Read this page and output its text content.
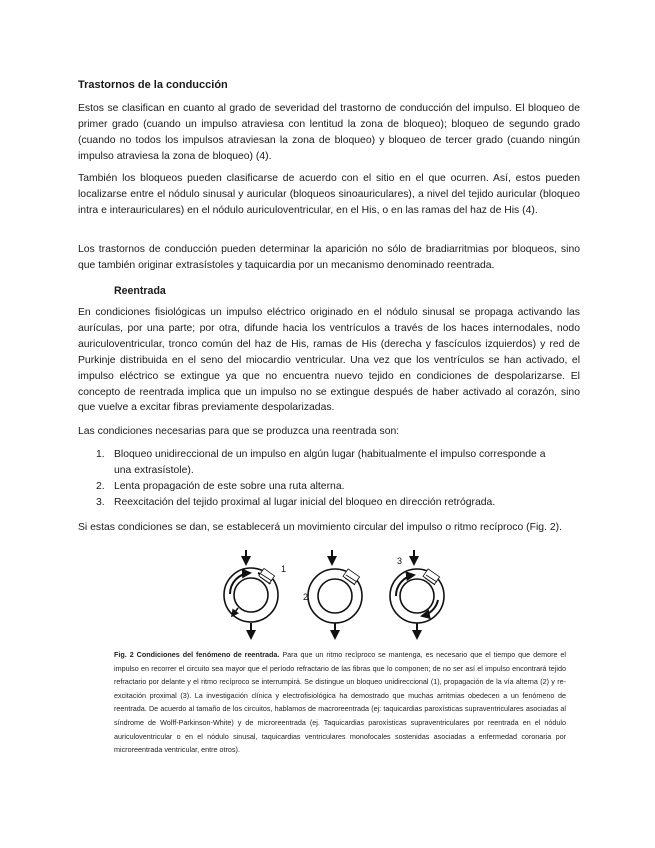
Trastornos de la conducción

Estos se clasifican en cuanto al grado de severidad del trastorno de conducción del impulso. El bloqueo de primer grado (cuando un impulso atraviesa con lentitud la zona de bloqueo); bloqueo de segundo grado (cuando no todos los impulsos atraviesan la zona de bloqueo) y bloqueo de tercer grado (cuando ningún impulso atraviesa la zona de bloqueo) (4).

También los bloqueos pueden clasificarse de acuerdo con el sitio en el que ocurren. Así, estos pueden localizarse entre el nódulo sinusal y auricular (bloqueos sinoauriculares), a nivel del tejido auricular (bloqueo intra e interauriculares) en el nódulo auriculoventricular, en el His, o en las ramas del haz de His (4).

Los trastornos de conducción pueden determinar la aparición no sólo de bradiarritmias por bloqueos, sino que también originar extrasístoles y taquicardia por un mecanismo denominado reentrada.

Reentrada

En condiciones fisiológicas un impulso eléctrico originado en el nódulo sinusal se propaga activando las aurículas, por una parte; por otra, difunde hacia los ventrículos a través de los haces internodales, nodo auriculoventricular, tronco común del haz de His, ramas de His (derecha y fascículos izquierdos) y red de Purkinje distribuida en el seno del miocardio ventricular. Una vez que los ventrículos se han activado, el impulso eléctrico se extingue ya que no encuentra nuevo tejido en condiciones de despolarizarse. El concepto de reentrada implica que un impulso no se extingue después de haber activado al corazón, sino que vuelve a excitar fibras previamente despolarizadas.

Las condiciones necesarias para que se produzca una reentrada son:

1. Bloqueo unidireccional de un impulso en algún lugar (habitualmente el impulso corresponde a
una extrasístole).
2. Lenta propagación de este sobre una ruta alterna.
3. Reexcitación del tejido proximal al lugar inicial del bloqueo en dirección retrógrada.

Si estas condiciones se dan, se establecerá un movimiento circular del impulso o ritmo recíproco (Fig. 2).

1
2
3

Fig. 2 Condiciones del fenómeno de reentrada. Para que un ritmo recíproco se mantenga, es necesario que el tiempo que demore el impulso en recorrer el circuito sea mayor que el período refractario de las fibras que lo componen; de no ser así el impulso encontrará tejido refractario por delante y el ritmo recíproco se interrumpirá. Se distingue un bloqueo unidireccional (1), propagación de la vía alterna (2) y re-excitación proximal (3). La investigación clínica y electrofisiológica ha demostrado que muchas arritmias obedecen a un fenómeno de reentrada. De acuerdo al tamaño de los circuitos, hablamos de macroreentrada (ej: taquicardias paroxísticas supraventriculares asociadas al síndrome de Wolff-Parkinson-White) y de microreentrada (ej. Taquicardias paroxísticas supraventriculares por reentrada en el nódulo auriculoventricular o en el nódulo sinusal, taquicardias ventriculares monofocales sostenidas asociadas a enfermedad coronaria por microreentrada ventricular, entre otros).
